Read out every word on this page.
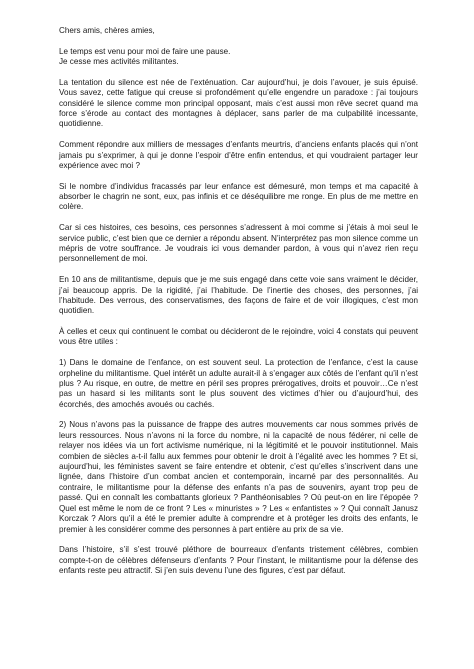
Chers amis, chères amies,

Le temps est venu pour moi de faire une pause.
Je cesse mes activités militantes.

La tentation du silence est née de l’exténuation. Car aujourd’hui, je dois l’avouer, je suis épuisé. Vous savez, cette fatigue qui creuse si profondément qu’elle engendre un paradoxe : j’ai toujours considéré le silence comme mon principal opposant, mais c’est aussi mon rêve secret quand ma force s’érode au contact des montagnes à déplacer, sans parler de ma culpabilité incessante, quotidienne.

Comment répondre aux milliers de messages d’enfants meurtris, d’anciens enfants placés qui n’ont jamais pu s’exprimer, à qui je donne l’espoir d’être enfin entendus, et qui voudraient partager leur expérience avec moi ?

Si le nombre d’individus fracassés par leur enfance est démesuré, mon temps et ma capacité à absorber le chagrin ne sont, eux, pas infinis et ce déséquilibre me ronge. En plus de me mettre en colère.

Car si ces histoires, ces besoins, ces personnes s’adressent à moi comme si j’étais à moi seul le service public, c’est bien que ce dernier a répondu absent. N’interprétez pas mon silence comme un mépris de votre souffrance. Je voudrais ici vous demander pardon, à vous qui n’avez rien reçu personnellement de moi.

En 10 ans de militantisme, depuis que je me suis engagé dans cette voie sans vraiment le décider, j’ai beaucoup appris. De la rigidité, j’ai l’habitude. De l’inertie des choses, des personnes, j’ai l’habitude. Des verrous, des conservatismes, des façons de faire et de voir illogiques, c’est mon quotidien.

À celles et ceux qui continuent le combat ou décideront de le rejoindre, voici 4 constats qui peuvent vous être utiles :

1) Dans le domaine de l’enfance, on est souvent seul. La protection de l’enfance, c’est la cause orpheline du militantisme. Quel intérêt un adulte aurait-il à s’engager aux côtés de l’enfant qu’il n’est plus ? Au risque, en outre, de mettre en péril ses propres prérogatives, droits et pouvoir…Ce n’est pas un hasard si les militants sont le plus souvent des victimes d’hier ou d’aujourd’hui, des écorchés, des amochés avoués ou cachés.

2) Nous n’avons pas la puissance de frappe des autres mouvements car nous sommes privés de leurs ressources. Nous n’avons ni la force du nombre, ni la capacité de nous fédérer, ni celle de relayer nos idées via un fort activisme numérique, ni la légitimité et le pouvoir institutionnel. Mais combien de siècles a-t-il fallu aux femmes pour obtenir le droit à l’égalité avec les hommes ? Et si, aujourd’hui, les féministes savent se faire entendre et obtenir, c’est qu’elles s’inscrivent dans une lignée, dans l’histoire d’un combat ancien et contemporain, incarné par des personnalités. Au contraire, le militantisme pour la défense des enfants n’a pas de souvenirs, ayant trop peu de passé. Qui en connaît les combattants glorieux ? Panthéonisables ? Où peut-on en lire l’épopée ? Quel est même le nom de ce front ? Les « minuristes » ? Les « enfantistes » ? Qui connaît Janusz Korczak ? Alors qu’il a été le premier adulte à comprendre et à protéger les droits des enfants, le premier à les considérer comme des personnes à part entière au prix de sa vie.

Dans l’histoire, s’il s’est trouvé pléthore de bourreaux d’enfants tristement célèbres, combien compte-t-on de célèbres défenseurs d’enfants ? Pour l’instant, le militantisme pour la défense des enfants reste peu attractif. Si j’en suis devenu l’une des figures, c’est par défaut.
